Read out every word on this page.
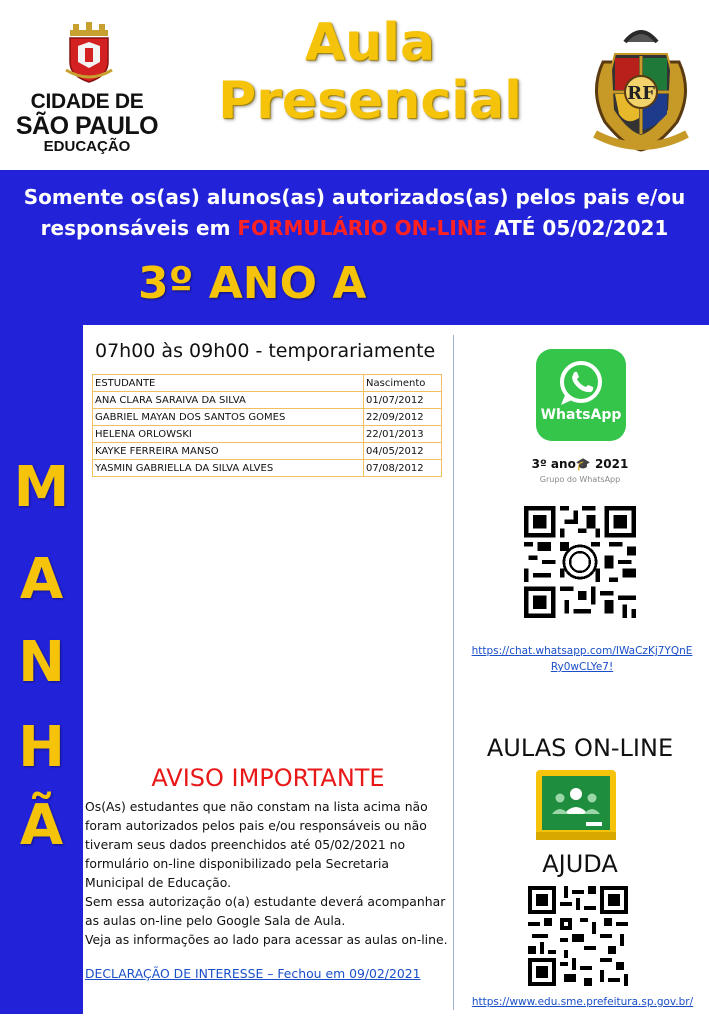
CIDADE DE
SÃO PAULO
EDUCAÇÃO
Aula
Presencial	RF
Somente os(as) alunos(as) autorizados(as) pelos pais e/ou
responsáveis em FORMULÁRIO ON-LINE ATÉ 05/02/2021
3º ANO A
M
A
N
H
Ã
07h00 às 09h00 - temporariamente
ESTUDANTE	Nascimento
ANA CLARA SARAIVA DA SILVA	01/07/2012
GABRIEL MAYAN DOS SANTOS GOMES	22/09/2012
HELENA ORLOWSKI	22/01/2013
KAYKE FERREIRA MANSO	04/05/2012
YASMIN GABRIELLA DA SILVA ALVES	07/08/2012
AVISO IMPORTANTE

Os(As) estudantes que não constam na lista acima não

foram autorizados pelos pais e/ou responsáveis ou não

tiveram seus dados preenchidos até 05/02/2021 no

formulário on-line disponibilizado pela Secretaria

Municipal de Educação.

Sem essa autorização o(a) estudante deverá acompanhar

as aulas on-line pelo Google Sala de Aula.

Veja as informações ao lado para acessar as aulas on-line.

DECLARAÇÃO DE INTERESSE – Fechou em 09/02/2021
WhatsApp
3º ano🎓 2021
Grupo do WhatsApp
https://chat.whatsapp.com/IWaCzKj7YQnE
Ry0wCLYe7!
AULAS ON-LINE
AJUDA
https://www.edu.sme.prefeitura.sp.gov.br/
